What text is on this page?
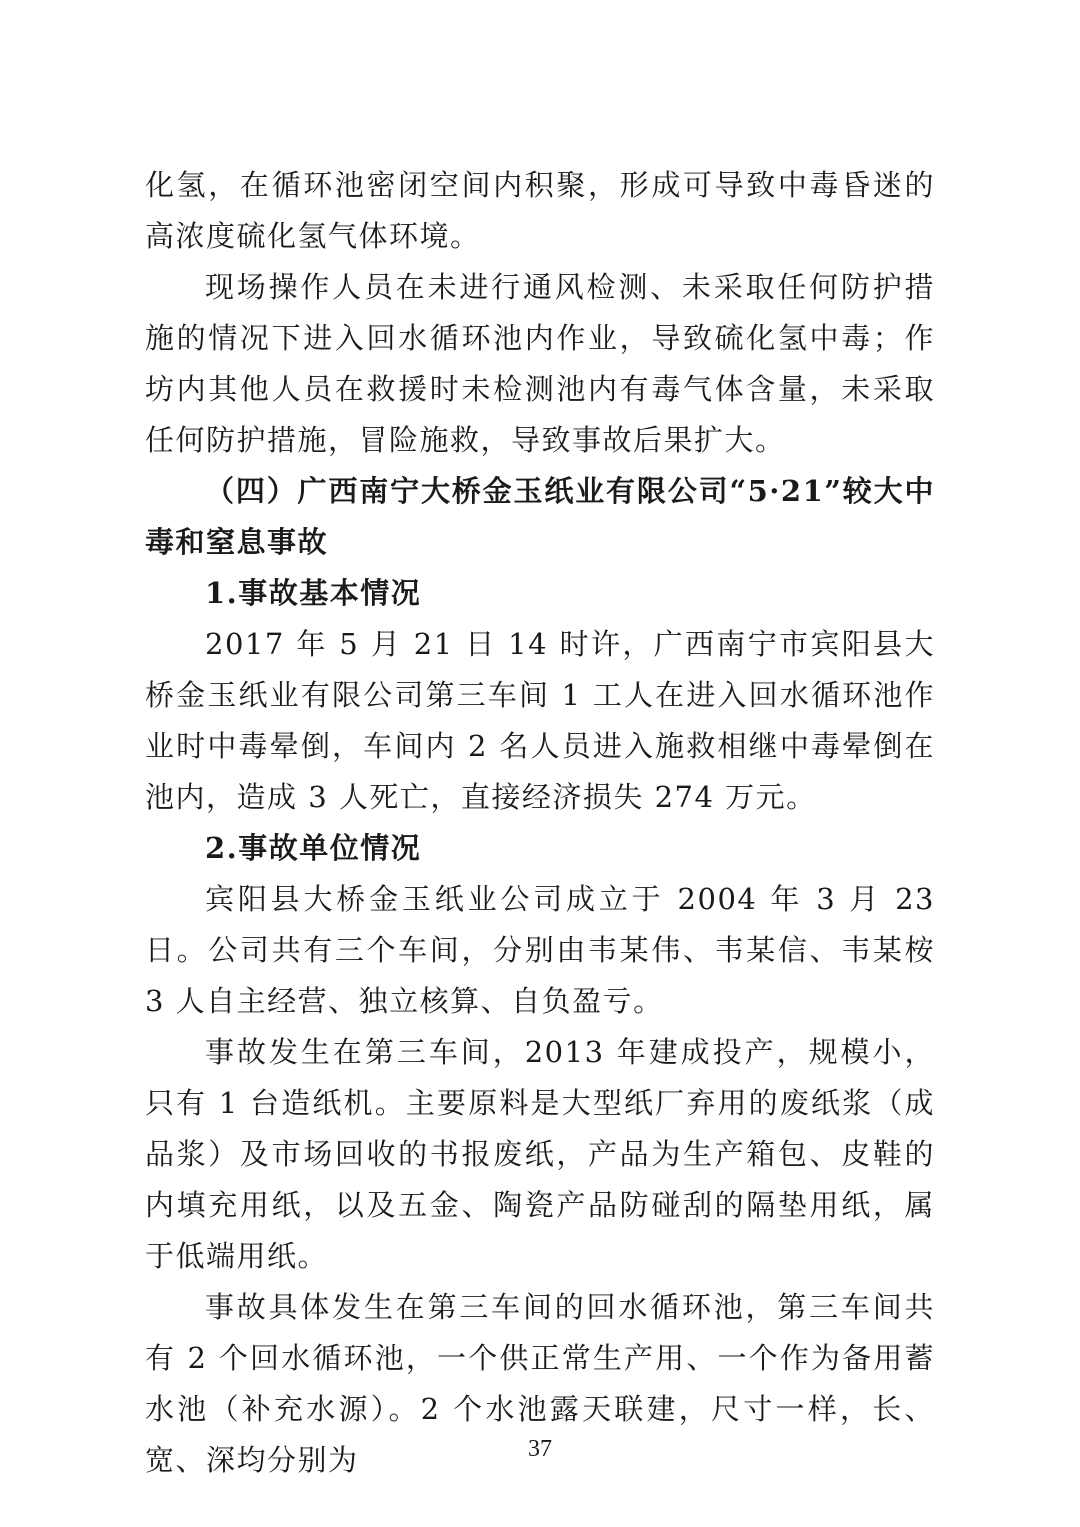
化氢，在循环池密闭空间内积聚，形成可导致中毒昏迷的高浓度硫化氢气体环境。

现场操作人员在未进行通风检测、未采取任何防护措施的情况下进入回水循环池内作业，导致硫化氢中毒；作坊内其他人员在救援时未检测池内有毒气体含量，未采取任何防护措施，冒险施救，导致事故后果扩大。

（四）广西南宁大桥金玉纸业有限公司“5·21”较大中毒和窒息事故

1.事故基本情况

2017 年 5 月 21 日 14 时许，广西南宁市宾阳县大桥金玉纸业有限公司第三车间 1 工人在进入回水循环池作业时中毒晕倒，车间内 2 名人员进入施救相继中毒晕倒在池内，造成 3 人死亡，直接经济损失 274 万元。

2.事故单位情况

宾阳县大桥金玉纸业公司成立于 2004 年 3 月 23 日。公司共有三个车间，分别由韦某伟、韦某信、韦某桉 3 人自主经营、独立核算、自负盈亏。

事故发生在第三车间，2013 年建成投产，规模小，只有 1 台造纸机。主要原料是大型纸厂弃用的废纸浆（成品浆）及市场回收的书报废纸，产品为生产箱包、皮鞋的内填充用纸，以及五金、陶瓷产品防碰刮的隔垫用纸，属于低端用纸。

事故具体发生在第三车间的回水循环池，第三车间共有 2 个回水循环池，一个供正常生产用、一个作为备用蓄水池（补充水源）。2 个水池露天联建，尺寸一样，长、宽、深均分别为	37
